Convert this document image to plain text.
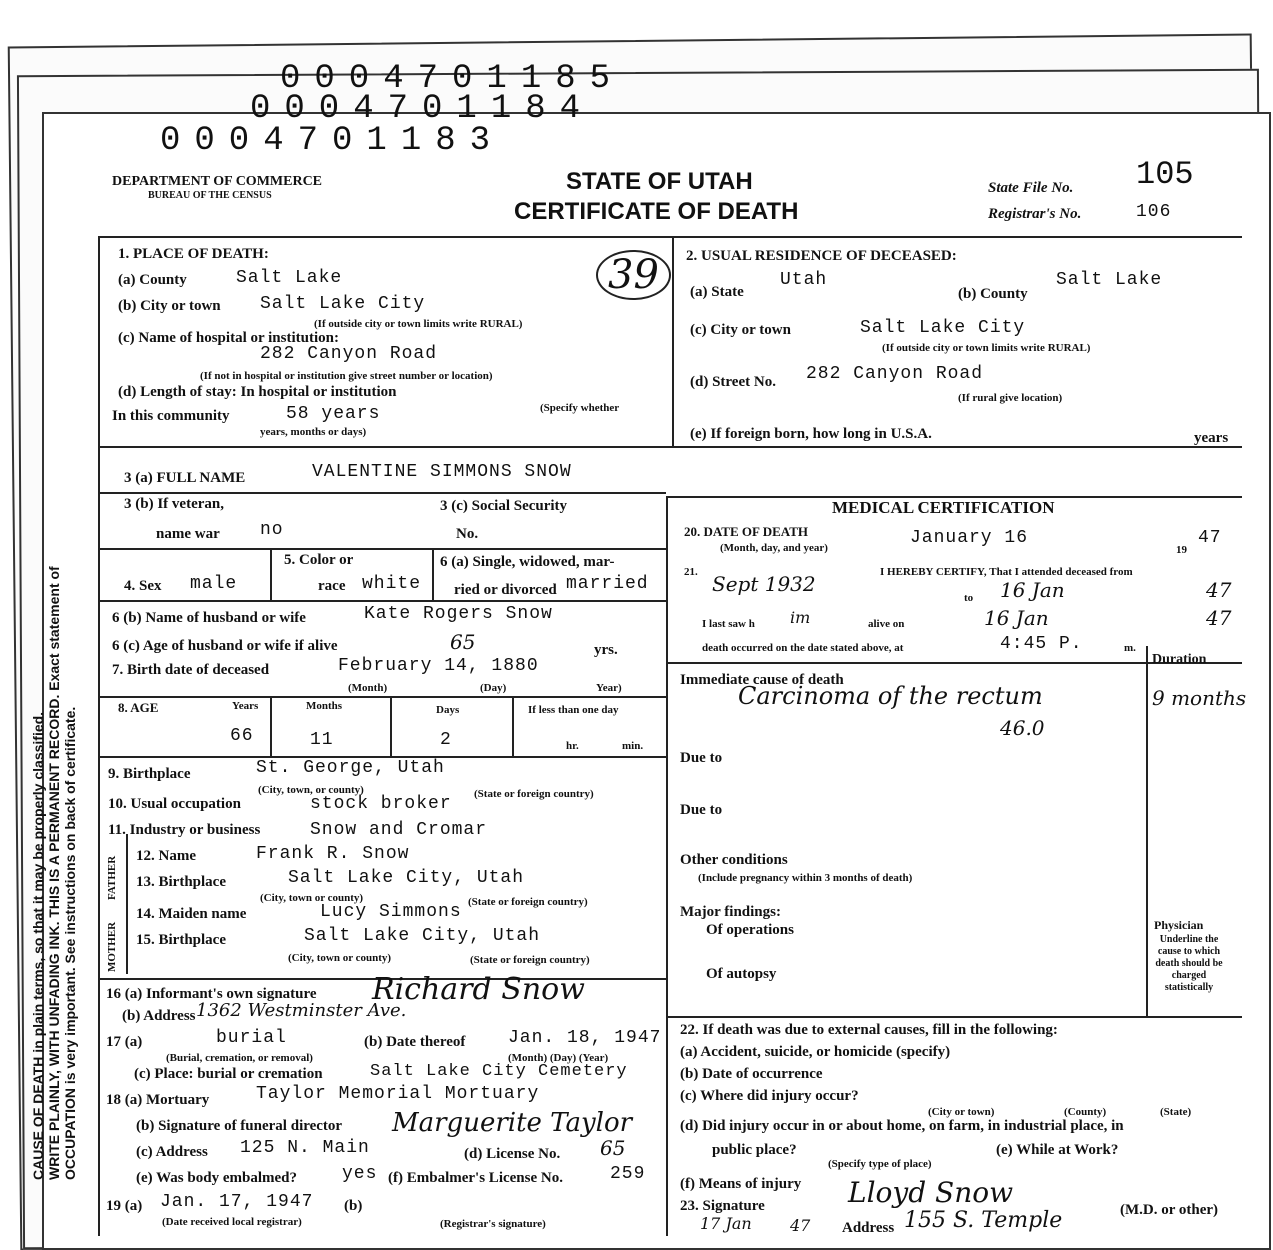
0004701185
0004701184
0004701183
CAUSE OF DEATH in plain terms, so that it may be properly classified. WRITE PLAINLY, WITH UNFADING INK. THIS IS A PERMANENT RECORD. Exact statement of OCCUPATION is very important. See instructions on back of certificate.
DEPARTMENT OF COMMERCE
BUREAU OF THE CENSUS
STATE OF UTAH
CERTIFICATE OF DEATH
State File No. 105
Registrar's No.	106
39
1. PLACE OF DEATH:
(a) County	Salt Lake
(b) City or town Salt Lake City
(If outside city or town limits write RURAL)
(c) Name of hospital or institution:
282 Canyon Road
(If not in hospital or institution give street number or location)
(d) Length of stay: In hospital or institution
In this community	58 years	(Specify whether
years, months or days)
2. USUAL RESIDENCE OF DECEASED:
(a) State
Utah
(b) County
Salt Lake
(c) City or town	Salt Lake City
(If outside city or town limits write RURAL)
(d) Street No. 282 Canyon Road
(If rural give location)
(e) If foreign born, how long in U.S.A.	years
3 (a) FULL NAME	VALENTINE SIMMONS SNOW
3 (b) If veteran,
name war no
3 (c) Social Security
No.
4. Sex male
5. Color or
race white
6 (a) Single, widowed, mar-
ried or divorced married
6 (b) Name of husband or wife	Kate Rogers Snow
6 (c) Age of husband or wife if alive	65	yrs.
7. Birth date of deceased	February 14, 1880
(Month)	(Day)	Year)
8. AGE	Years	Months	Days	If less than one day
66	11	2	hr.	min.
9. Birthplace	St. George, Utah
(City, town, or county)	(State or foreign country)
10. Usual occupation	stock broker
11. Industry or business	Snow and Cromar
FATHER
MOTHER
12. Name	Frank R. Snow
13. Birthplace	Salt Lake City, Utah
(City, town or county)	(State or foreign country)
14. Maiden name	Lucy Simmons
15. Birthplace	Salt Lake City, Utah
(City, town or county)	(State or foreign country)
16 (a) Informant's own signature Richard Snow
(b) Address 1362 Westminster Ave.
17 (a)	burial
(Burial, cremation, or removal)
(b) Date thereof Jan. 18, 1947
(Month) (Day) (Year)
(c) Place: burial or cremation	Salt Lake City Cemetery
18 (a) Mortuary	Taylor Memorial Mortuary
(b) Signature of funeral director Marguerite Taylor
(c) Address 125 N. Main	(d) License No. 65
(e) Was body embalmed?	yes (f) Embalmer's License No.	259
19 (a) Jan. 17, 1947
(Date received local registrar)
(b)
(Registrar's signature)
MEDICAL CERTIFICATION
20. DATE OF DEATH
(Month, day, and year)	January 16
19
47
21.	I HEREBY CERTIFY, That I attended deceased from
Sept 1932
to 16 Jan	47
I last saw h im	alive on	16 Jan	47
death occurred on the date stated above, at	4:45 P.	m.
Duration
Immediate cause of death
Carcinoma of the rectum
46.0
9 months
Due to
Due to
Other conditions
(Include pregnancy within 3 months of death)
Major findings:
Of operations
Of autopsy
Physician
Underline the cause to which death should be charged statistically
22. If death was due to external causes, fill in the following:
(a) Accident, suicide, or homicide (specify)
(b) Date of occurrence
(c) Where did injury occur?
(City or town)	(County)	(State)
(d) Did injury occur in or about home, on farm, in industrial place, in
public place?	(e) While at Work?
(Specify type of place)
(f) Means of injury
23. Signature	Lloyd Snow
(M.D. or other)
17 Jan 47 Address 155 S. Temple
